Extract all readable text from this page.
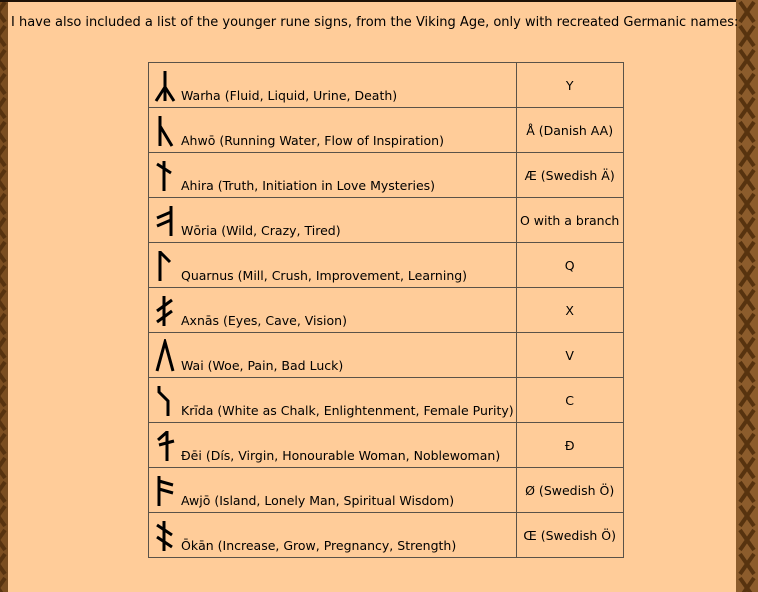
I have also included a list of the younger rune signs, from the Viking Age, only with recreated Germanic names:

Warha (Fluid, Liquid, Urine, Death)	Y

Ahwō (Running Water, Flow of Inspiration)	Å (Danish AA)

Ahira (Truth, Initiation in Love Mysteries)	Æ (Swedish Ä)

Wōria (Wild, Crazy, Tired)	O with a branch

Quarnus (Mill, Crush, Improvement, Learning)	Q

Axnās (Eyes, Cave, Vision)	X

Wai (Woe, Pain, Bad Luck)	V

Krīda (White as Chalk, Enlightenment, Female Purity)	C

Ðēi (Dís, Virgin, Honourable Woman, Noblewoman)	Ð

Awjō (Island, Lonely Man, Spiritual Wisdom)	Ø (Swedish Ö)

Ōkān (Increase, Grow, Pregnancy, Strength)	Œ (Swedish Ö)
